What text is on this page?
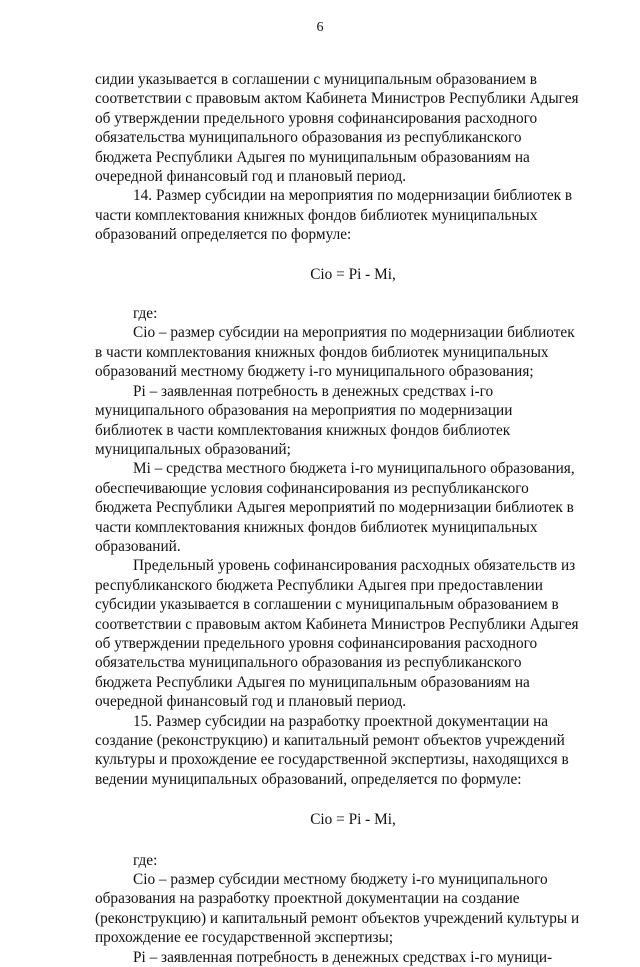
6

сидии указывается в соглашении с муниципальным образованием в соответствии с правовым актом Кабинета Министров Республики Адыгея об утверждении предельного уровня софинансирования расходного обязательства муниципального образования из республиканского бюджета Республики Адыгея по муниципальным образованиям на очередной финансовый год и плановый период.

14. Размер субсидии на мероприятия по модернизации библиотек в части комплектования книжных фондов библиотек муниципальных образований определяется по формуле:

Cio = Pi - Mi,

где:

Cio – размер субсидии на мероприятия по модернизации библиотек в части комплектования книжных фондов библиотек муниципальных образований местному бюджету i-го муниципального образования;

Pi – заявленная потребность в денежных средствах i-го муниципального образования на мероприятия по модернизации библиотек в части комплектования книжных фондов библиотек муниципальных образований;

Mi – средства местного бюджета i-го муниципального образования, обеспечивающие условия софинансирования из республиканского бюджета Республики Адыгея мероприятий по модернизации библиотек в части комплектования книжных фондов библиотек муниципальных образований.

Предельный уровень софинансирования расходных обязательств из республиканского бюджета Республики Адыгея при предоставлении субсидии указывается в соглашении с муниципальным образованием в соответствии с правовым актом Кабинета Министров Республики Адыгея об утверждении предельного уровня софинансирования расходного обязательства муниципального образования из республиканского бюджета Республики Адыгея по муниципальным образованиям на очередной финансовый год и плановый период.

15. Размер субсидии на разработку проектной документации на создание (реконструкцию) и капитальный ремонт объектов учреждений культуры и прохождение ее государственной экспертизы, находящихся в ведении муниципальных образований, определяется по формуле:

Cio = Pi - Mi,

где:

Cio – размер субсидии местному бюджету i-го муниципального образования на разработку проектной документации на создание (реконструкцию) и капитальный ремонт объектов учреждений культуры и прохождение ее государственной экспертизы;

Pi – заявленная потребность в денежных средствах i-го муници-
